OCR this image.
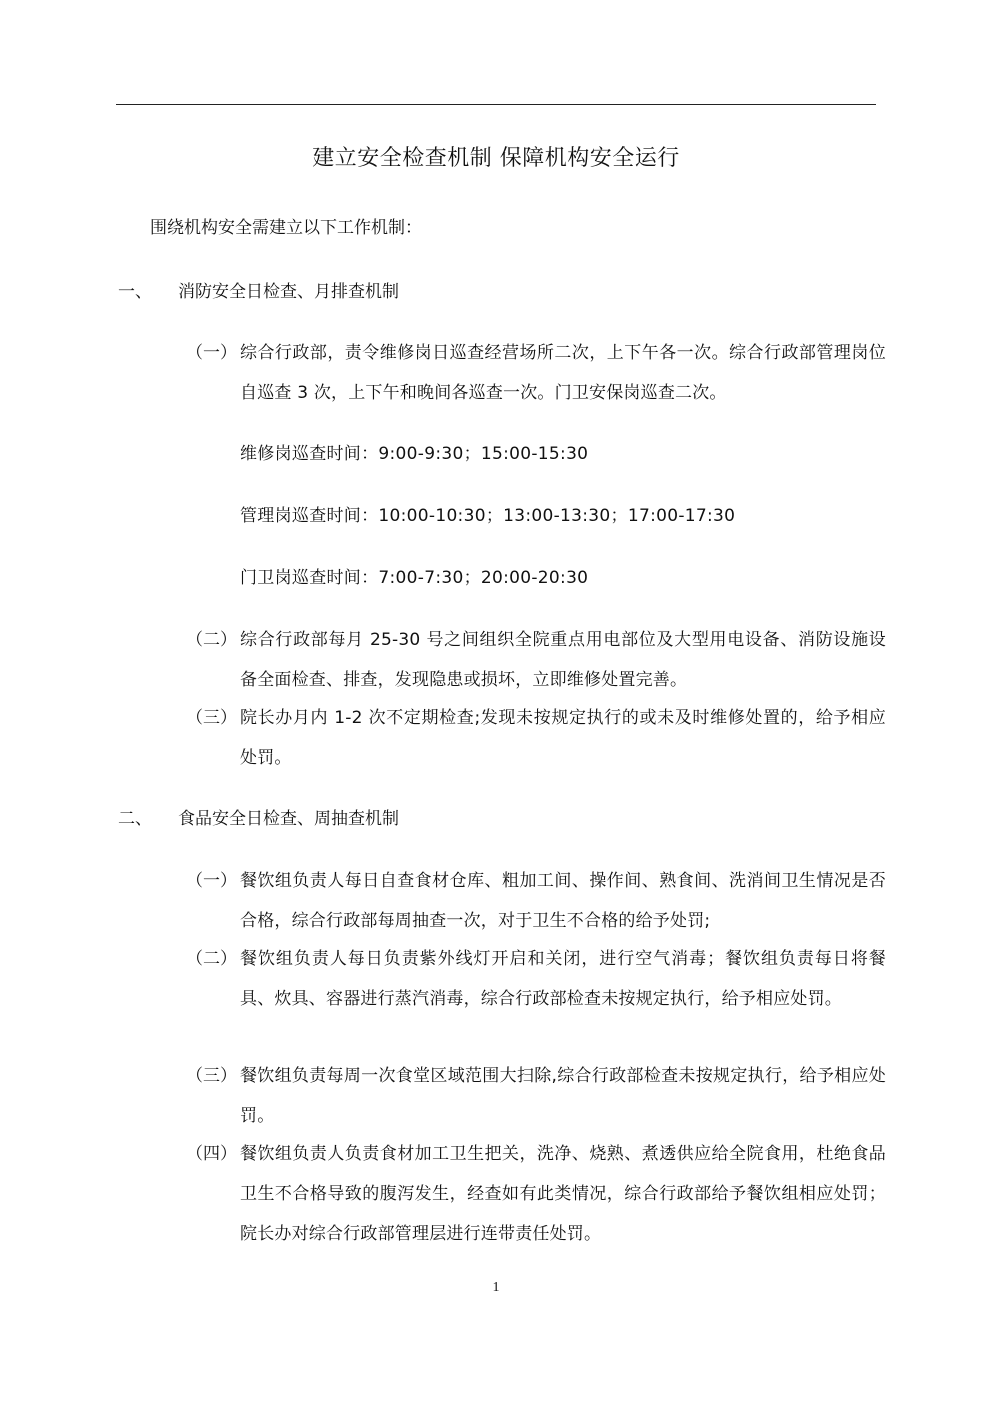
建立安全检查机制 保障机构安全运行
围绕机构安全需建立以下工作机制：
一、 消防安全日检查、月排查机制
（一） 综合行政部，责令维修岗日巡查经营场所二次，上下午各一次。综合行政部管理岗位自巡查 3 次，上下午和晚间各巡查一次。门卫安保岗巡查二次。
维修岗巡查时间：9:00-9:30；15:00-15:30
管理岗巡查时间：10:00-10:30；13:00-13:30；17:00-17:30
门卫岗巡查时间：7:00-7:30；20:00-20:30
（二） 综合行政部每月 25-30 号之间组织全院重点用电部位及大型用电设备、消防设施设备全面检查、排查，发现隐患或损坏，立即维修处置完善。
（三） 院长办月内 1-2 次不定期检查;发现未按规定执行的或未及时维修处置的，给予相应处罚。
二、 食品安全日检查、周抽查机制
（一） 餐饮组负责人每日自查食材仓库、粗加工间、操作间、熟食间、洗消间卫生情况是否合格，综合行政部每周抽查一次，对于卫生不合格的给予处罚;
（二） 餐饮组负责人每日负责紫外线灯开启和关闭，进行空气消毒；餐饮组负责每日将餐具、炊具、容器进行蒸汽消毒，综合行政部检查未按规定执行，给予相应处罚。
（三） 餐饮组负责每周一次食堂区域范围大扫除,综合行政部检查未按规定执行，给予相应处罚。
（四） 餐饮组负责人负责食材加工卫生把关，洗净、烧熟、煮透供应给全院食用，杜绝食品卫生不合格导致的腹泻发生，经查如有此类情况，综合行政部给予餐饮组相应处罚；院长办对综合行政部管理层进行连带责任处罚。
1
